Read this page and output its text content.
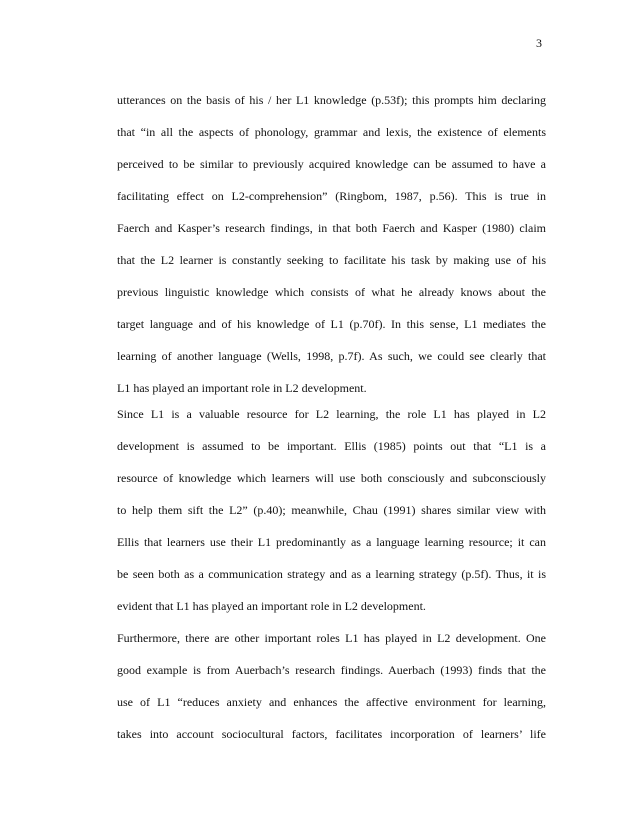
3
utterances on the basis of his / her L1 knowledge (p.53f); this prompts him declaring
that “in all the aspects of phonology, grammar and lexis, the existence of elements
perceived to be similar to previously acquired knowledge can be assumed to have a
facilitating effect on L2-comprehension” (Ringbom, 1987, p.56). This is true in
Faerch and Kasper’s research findings, in that both Faerch and Kasper (1980) claim
that the L2 learner is constantly seeking to facilitate his task by making use of his
previous linguistic knowledge which consists of what he already knows about the
target language and of his knowledge of L1 (p.70f). In this sense, L1 mediates the
learning of another language (Wells, 1998, p.7f). As such, we could see clearly that
L1 has played an important role in L2 development.
Since L1 is a valuable resource for L2 learning, the role L1 has played in L2
development is assumed to be important. Ellis (1985) points out that “L1 is a
resource of knowledge which learners will use both consciously and subconsciously
to help them sift the L2” (p.40); meanwhile, Chau (1991) shares similar view with
Ellis that learners use their L1 predominantly as a language learning resource; it can
be seen both as a communication strategy and as a learning strategy (p.5f). Thus, it is
evident that L1 has played an important role in L2 development.
Furthermore, there are other important roles L1 has played in L2 development. One
good example is from Auerbach’s research findings. Auerbach (1993) finds that the
use of L1 “reduces anxiety and enhances the affective environment for learning,
takes into account sociocultural factors, facilitates incorporation of learners’ life
